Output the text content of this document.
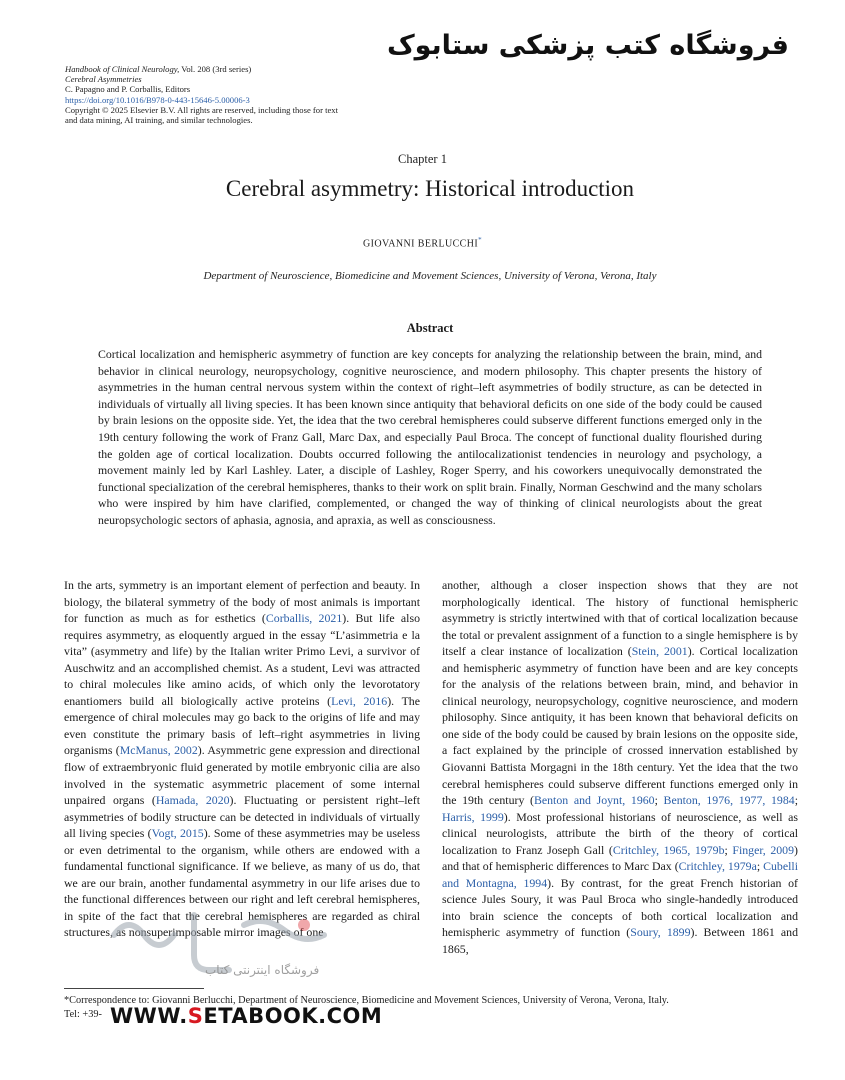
فروشگاه کتب پزشکی ستابوک
Handbook of Clinical Neurology, Vol. 208 (3rd series)
Cerebral Asymmetries
C. Papagno and P. Corballis, Editors
https://doi.org/10.1016/B978-0-443-15646-5.00006-3
Copyright © 2025 Elsevier B.V. All rights are reserved, including those for text
and data mining, AI training, and similar technologies.
Chapter 1
Cerebral asymmetry: Historical introduction
GIOVANNI BERLUCCHI*
Department of Neuroscience, Biomedicine and Movement Sciences, University of Verona, Verona, Italy
Abstract
Cortical localization and hemispheric asymmetry of function are key concepts for analyzing the relationship between the brain, mind, and behavior in clinical neurology, neuropsychology, cognitive neuroscience, and modern philosophy. This chapter presents the history of asymmetries in the human central nervous system within the context of right–left asymmetries of bodily structure, as can be detected in individuals of virtually all living species. It has been known since antiquity that behavioral deficits on one side of the body could be caused by brain lesions on the opposite side. Yet, the idea that the two cerebral hemispheres could subserve different functions emerged only in the 19th century following the work of Franz Gall, Marc Dax, and especially Paul Broca. The concept of functional duality flourished during the golden age of cortical localization. Doubts occurred following the antilocalizationist tendencies in neurology and psychology, a movement mainly led by Karl Lashley. Later, a disciple of Lashley, Roger Sperry, and his coworkers unequivocally demonstrated the functional specialization of the cerebral hemispheres, thanks to their work on split brain. Finally, Norman Geschwind and the many scholars who were inspired by him have clarified, complemented, or changed the way of thinking of clinical neurologists about the great neuropsychologic sectors of aphasia, agnosia, and apraxia, as well as consciousness.
In the arts, symmetry is an important element of perfection and beauty. In biology, the bilateral symmetry of the body of most animals is important for function as much as for esthetics (Corballis, 2021). But life also requires asymmetry, as eloquently argued in the essay “L’asimmetria e la vita” (asymmetry and life) by the Italian writer Primo Levi, a survivor of Auschwitz and an accomplished chemist. As a student, Levi was attracted to chiral molecules like amino acids, of which only the levorotatory enantiomers build all biologically active proteins (Levi, 2016). The emergence of chiral molecules may go back to the origins of life and may even constitute the primary basis of left–right asymmetries in living organisms (McManus, 2002). Asymmetric gene expression and directional flow of extraembryonic fluid generated by motile embryonic cilia are also involved in the systematic asymmetric placement of some internal unpaired organs (Hamada, 2020). Fluctuating or persistent right–left asymmetries of bodily structure can be detected in individuals of virtually all living species (Vogt, 2015). Some of these asymmetries may be useless or even detrimental to the organism, while others are endowed with a fundamental functional significance. If we believe, as many of us do, that we are our brain, another fundamental asymmetry in our life arises due to the functional differences between our right and left cerebral hemispheres, in spite of the fact that the cerebral hemispheres are regarded as chiral structures, as nonsuperimposable mirror images of one
another, although a closer inspection shows that they are not morphologically identical. The history of functional hemispheric asymmetry is strictly intertwined with that of cortical localization because the total or prevalent assignment of a function to a single hemisphere is by itself a clear instance of localization (Stein, 2001). Cortical localization and hemispheric asymmetry of function have been and are key concepts for the analysis of the relations between brain, mind, and behavior in clinical neurology, neuropsychology, cognitive neuroscience, and modern philosophy. Since antiquity, it has been known that behavioral deficits on one side of the body could be caused by brain lesions on the opposite side, a fact explained by the principle of crossed innervation established by Giovanni Battista Morgagni in the 18th century. Yet the idea that the two cerebral hemispheres could subserve different functions emerged only in the 19th century (Benton and Joynt, 1960; Benton, 1976, 1977, 1984; Harris, 1999). Most professional historians of neuroscience, as well as clinical neurologists, attribute the birth of the theory of cortical localization to Franz Joseph Gall (Critchley, 1965, 1979b; Finger, 2009) and that of hemispheric differences to Marc Dax (Critchley, 1979a; Cubelli and Montagna, 1994). By contrast, for the great French historian of science Jules Soury, it was Paul Broca who single-handedly introduced into brain science the concepts of both cortical localization and hemispheric asymmetry of function (Soury, 1899). Between 1861 and 1865,
فروشگاه اینترنتی کتاب
*Correspondence to: Giovanni Berlucchi, Department of Neuroscience, Biomedicine and Movement Sciences, University of Verona, Verona, Italy.
Tel: +39- WWW.SETABOOK.COM
